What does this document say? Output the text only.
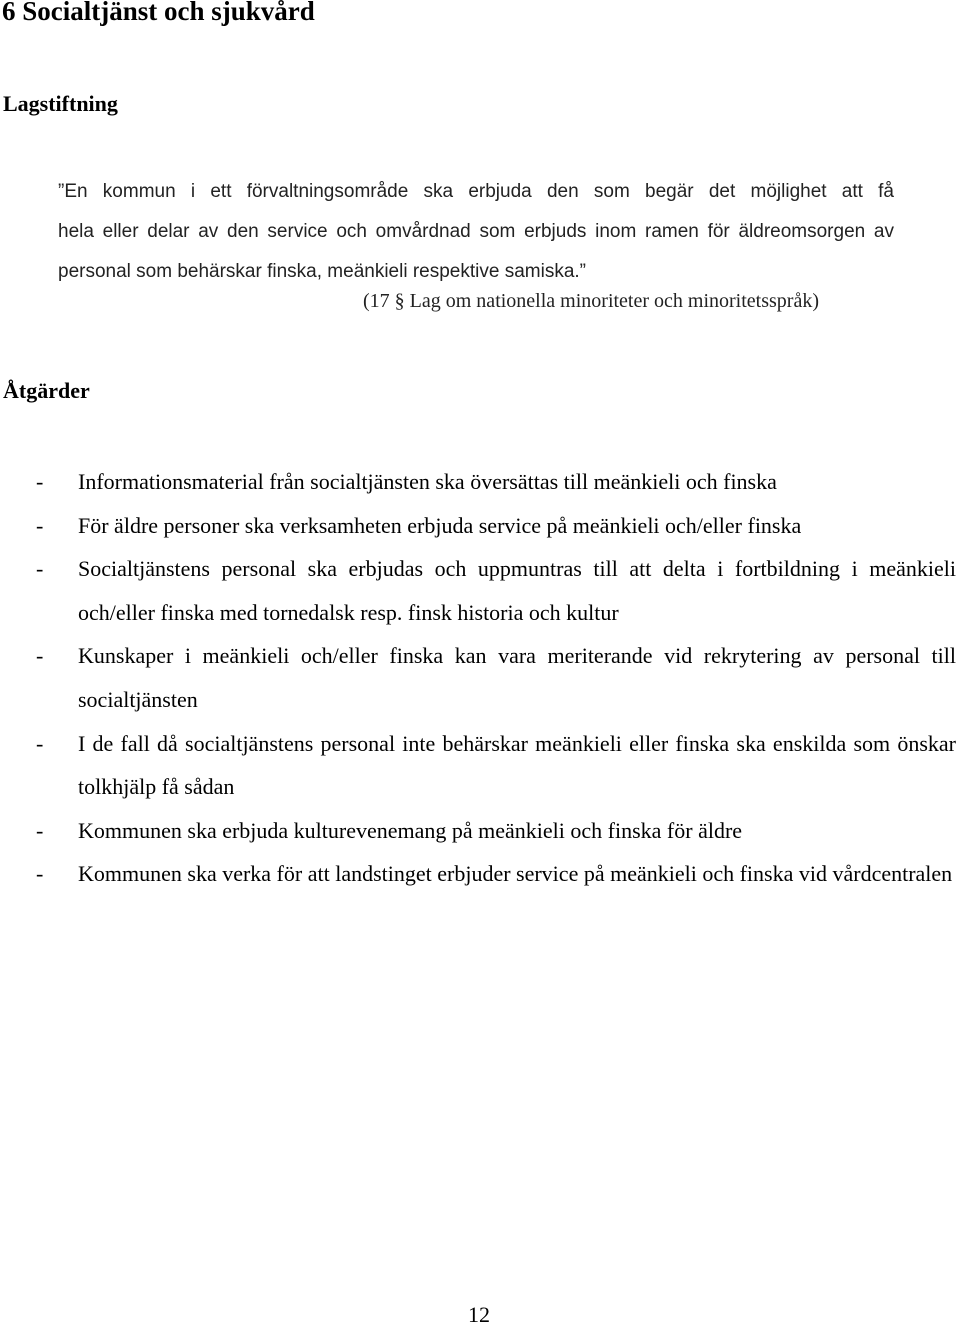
6 Socialtjänst och sjukvård
Lagstiftning

”En kommun i ett förvaltningsområde ska erbjuda den som begär det möjlighet att få
hela eller delar av den service och omvårdnad som erbjuds inom ramen för äldreomsorgen av personal som behärskar finska, meänkieli respektive samiska.”

(17 § Lag om nationella minoriteter och minoritetsspråk)

Åtgärder
- Informationsmaterial från socialtjänsten ska översättas till meänkieli och finska
- För äldre personer ska verksamheten erbjuda service på meänkieli och/eller finska
- Socialtjänstens personal ska erbjudas och uppmuntras till att delta i fortbildning i meänkieli och/eller finska med tornedalsk resp. finsk historia och kultur
- Kunskaper i meänkieli och/eller finska kan vara meriterande vid rekrytering av personal till socialtjänsten
- I de fall då socialtjänstens personal inte behärskar meänkieli eller finska ska enskilda som önskar tolkhjälp få sådan
- Kommunen ska erbjuda kulturevenemang på meänkieli och finska för äldre
- Kommunen ska verka för att landstinget erbjuder service på meänkieli och finska vid vårdcentralen
12
